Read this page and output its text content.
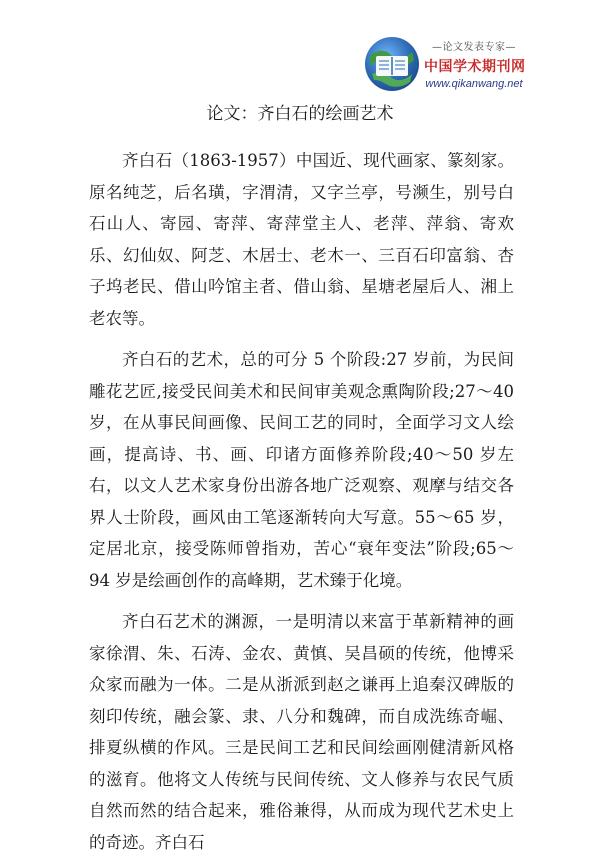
—论文发表专家—
中国学术期刊网
www.qikanwang.net
论文：齐白石的绘画艺术

齐白石（1863-1957）中国近、现代画家、篆刻家。原名纯芝，后名璜，字渭清，又字兰亭，号濒生，别号白石山人、寄园、寄萍、寄萍堂主人、老萍、萍翁、寄欢乐、幻仙奴、阿芝、木居士、老木一、三百石印富翁、杏子坞老民、借山吟馆主者、借山翁、星塘老屋后人、湘上老农等。

齐白石的艺术，总的可分 5 个阶段:27 岁前，为民间雕花艺匠,接受民间美术和民间审美观念熏陶阶段;27～40 岁，在从事民间画像、民间工艺的同时，全面学习文人绘画，提高诗、书、画、印诸方面修养阶段;40～50 岁左右，以文人艺术家身份出游各地广泛观察、观摩与结交各界人士阶段，画风由工笔逐渐转向大写意。55～65 岁，定居北京，接受陈师曾指劝，苦心“衰年变法”阶段;65～94 岁是绘画创作的高峰期，艺术臻于化境。

齐白石艺术的渊源，一是明清以来富于革新精神的画家徐渭、朱、石涛、金农、黄慎、吴昌硕的传统，他博采众家而融为一体。二是从浙派到赵之谦再上追秦汉碑版的刻印传统，融会篆、隶、八分和魏碑，而自成洗练奇崛、排夏纵横的作风。三是民间工艺和民间绘画刚健清新风格的滋育。他将文人传统与民间传统、文人修养与农民气质自然而然的结合起来，雅俗兼得，从而成为现代艺术史上的奇迹。齐白石
